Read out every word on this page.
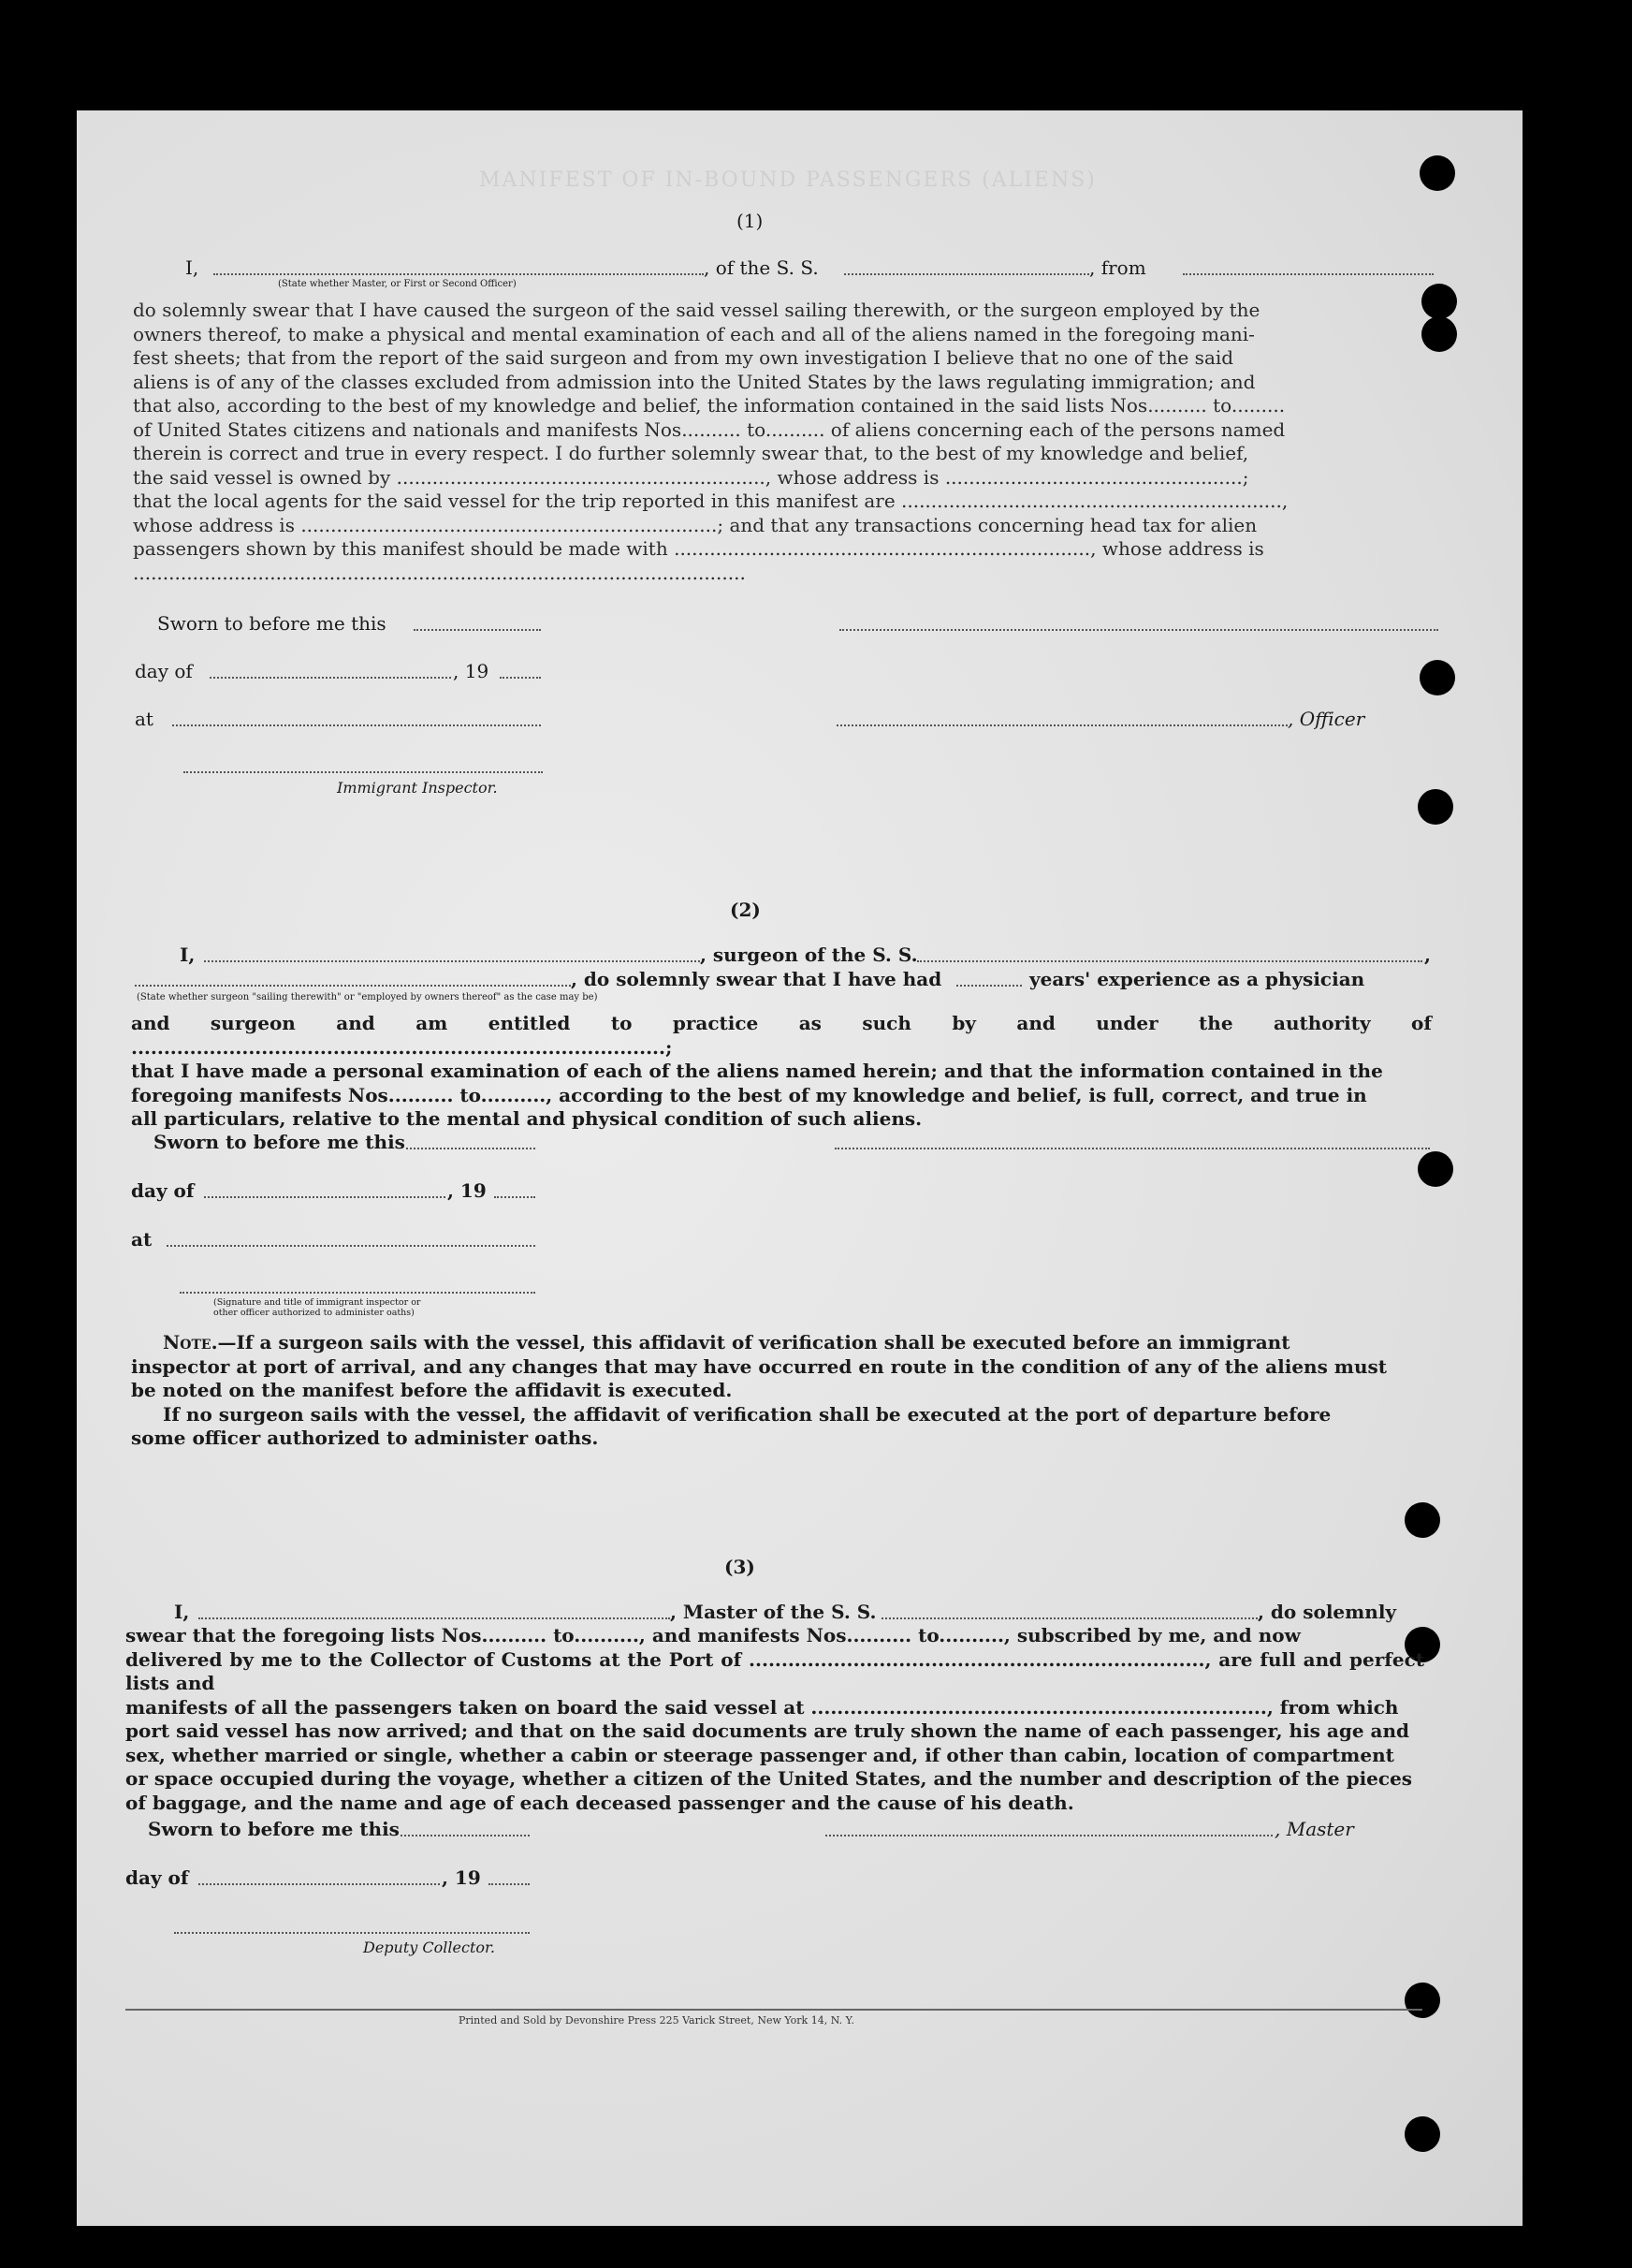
MANIFEST OF IN-BOUND PASSENGERS (ALIENS)
(1)
I,	, of the S. S.	, from
(State whether Master, or First or Second Officer)
do solemnly swear that I have caused the surgeon of the said vessel sailing therewith, or the surgeon employed by the
owners thereof, to make a physical and mental examination of each and all of the aliens named in the foregoing mani-
fest sheets; that from the report of the said surgeon and from my own investigation I believe that no one of the said
aliens is of any of the classes excluded from admission into the United States by the laws regulating immigration; and
that also, according to the best of my knowledge and belief, the information contained in the said lists Nos.......... to.........
of United States citizens and nationals and manifests Nos.......... to.......... of aliens concerning each of the persons named
therein is correct and true in every respect. I do further solemnly swear that, to the best of my knowledge and belief,
the said vessel is owned by .............................................................., whose address is ..................................................;
that the local agents for the said vessel for the trip reported in this manifest are ................................................................,
whose address is ......................................................................; and that any transactions concerning head tax for alien
passengers shown by this manifest should be made with ......................................................................, whose address is
.......................................................................................................
Sworn to before me this
day of	, 19
at	, Officer
Immigrant Inspector.
(2)
I,	, surgeon of the S. S.	,
, do solemnly swear that I have had	years' experience as a physician
(State whether surgeon "sailing therewith" or "employed by owners thereof" as the case may be)
and surgeon and am entitled to practice as such by and under the authority of ..................................................................................;
that I have made a personal examination of each of the aliens named herein; and that the information contained in the
foregoing manifests Nos.......... to.........., according to the best of my knowledge and belief, is full, correct, and true in
all particulars, relative to the mental and physical condition of such aliens.
Sworn to before me this
day of	, 19
at
(Signature and title of immigrant inspector or
other officer authorized to administer oaths)
Note.—If a surgeon sails with the vessel, this affidavit of verification shall be executed before an immigrant
inspector at port of arrival, and any changes that may have occurred en route in the condition of any of the aliens must
be noted on the manifest before the affidavit is executed.
If no surgeon sails with the vessel, the affidavit of verification shall be executed at the port of departure before
some officer authorized to administer oaths.
(3)
I,	, Master of the S. S.	, do solemnly
swear that the foregoing lists Nos.......... to.........., and manifests Nos.......... to.........., subscribed by me, and now
delivered by me to the Collector of Customs at the Port of ......................................................................, are full and perfect lists and
manifests of all the passengers taken on board the said vessel at ......................................................................, from which
port said vessel has now arrived; and that on the said documents are truly shown the name of each passenger, his age and
sex, whether married or single, whether a cabin or steerage passenger and, if other than cabin, location of compartment
or space occupied during the voyage, whether a citizen of the United States, and the number and description of the pieces
of baggage, and the name and age of each deceased passenger and the cause of his death.
Sworn to before me this	, Master
day of	, 19
Deputy Collector.
Printed and Sold by Devonshire Press 225 Varick Street, New York 14, N. Y.
